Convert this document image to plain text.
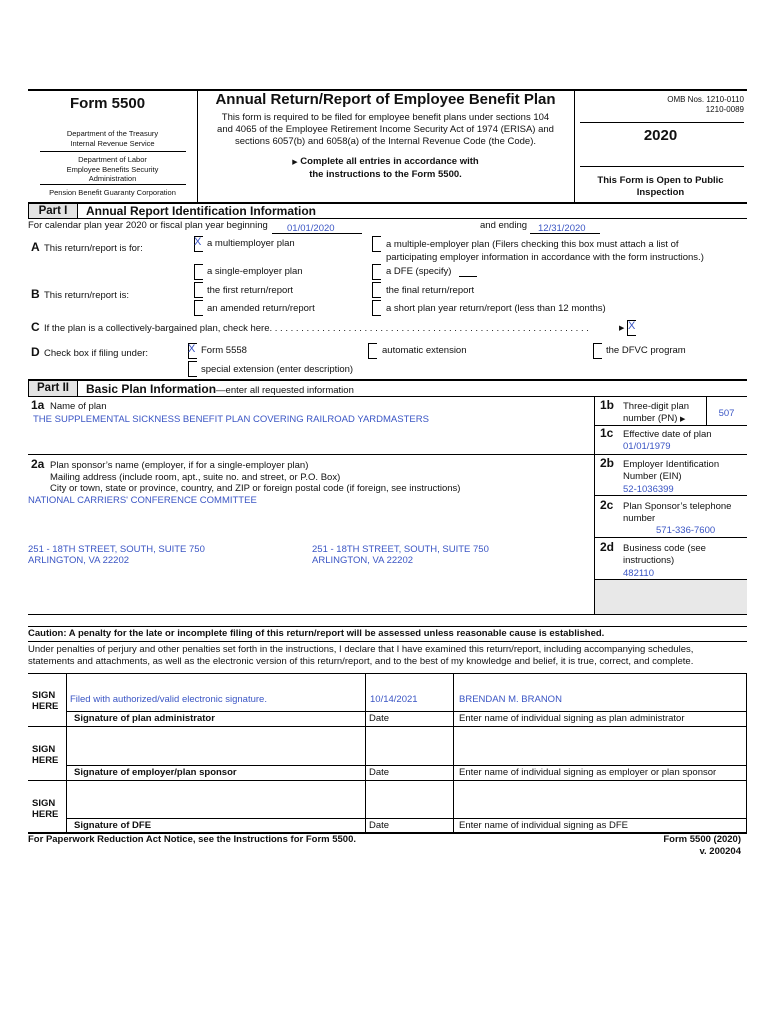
Form 5500
Department of the Treasury
Internal Revenue Service
Department of Labor
Employee Benefits Security
Administration
Pension Benefit Guaranty Corporation
Annual Return/Report of Employee Benefit Plan
This form is required to be filed for employee benefit plans under sections 104
and 4065 of the Employee Retirement Income Security Act of 1974 (ERISA) and
sections 6057(b) and 6058(a) of the Internal Revenue Code (the Code).
▶ Complete all entries in accordance with
the instructions to the Form 5500.
OMB Nos. 1210-0110
1210-0089
2020
This Form is Open to Public
Inspection
Part I	Annual Report Identification Information
For calendar plan year 2020 or fiscal plan year beginning 01/01/2020	and ending 12/31/2020
A This return/report is for:
X a multiemployer plan	a multiple-employer plan (Filers checking this box must attach a list of
participating employer information in accordance with the form instructions.)
a single-employer plan	a DFE (specify)
B This return/report is:	the first return/report	the final return/report
an amended return/report	a short plan year return/report (less than 12 months)
C If the plan is a collectively-bargained plan, check here. . . . . . . . . . . . . . . . . . . . . . . . . . . . . . . . . . . . . . . . . . . . . . . . . . . . . . . . . . . . .	▶ X
D Check box if filing under:	X Form 5558	automatic extension	the DFVC program
special extension (enter description)
Part II	Basic Plan Information—enter all requested information
1a Name of plan
THE SUPPLEMENTAL SICKNESS BENEFIT PLAN COVERING RAILROAD YARDMASTERS
1b Three-digit plan
number (PN) ▶
507
1c Effective date of plan
01/01/1979
2a Plan sponsor’s name (employer, if for a single-employer plan)
Mailing address (include room, apt., suite no. and street, or P.O. Box)
City or town, state or province, country, and ZIP or foreign postal code (if foreign, see instructions)
NATIONAL CARRIERS' CONFERENCE COMMITTEE
251 - 18TH STREET, SOUTH, SUITE 750
ARLINGTON, VA 22202
251 - 18TH STREET, SOUTH, SUITE 750
ARLINGTON, VA 22202
2b Employer Identification
Number (EIN)
52-1036399
2c Plan Sponsor’s telephone
number
571-336-7600
2d Business code (see
instructions)
482110
Caution: A penalty for the late or incomplete filing of this return/report will be assessed unless reasonable cause is established.
Under penalties of perjury and other penalties set forth in the instructions, I declare that I have examined this return/report, including accompanying schedules,
statements and attachments, as well as the electronic version of this return/report, and to the best of my knowledge and belief, it is true, correct, and complete.
SIGN
HERE
Filed with authorized/valid electronic signature.	10/14/2021	BRENDAN M. BRANON
Signature of plan administrator	Date	Enter name of individual signing as plan administrator
SIGN
HERE
Signature of employer/plan sponsor	Date	Enter name of individual signing as employer or plan sponsor
SIGN
HERE
Signature of DFE	Date	Enter name of individual signing as DFE
For Paperwork Reduction Act Notice, see the Instructions for Form 5500.	Form 5500 (2020)
v. 200204
